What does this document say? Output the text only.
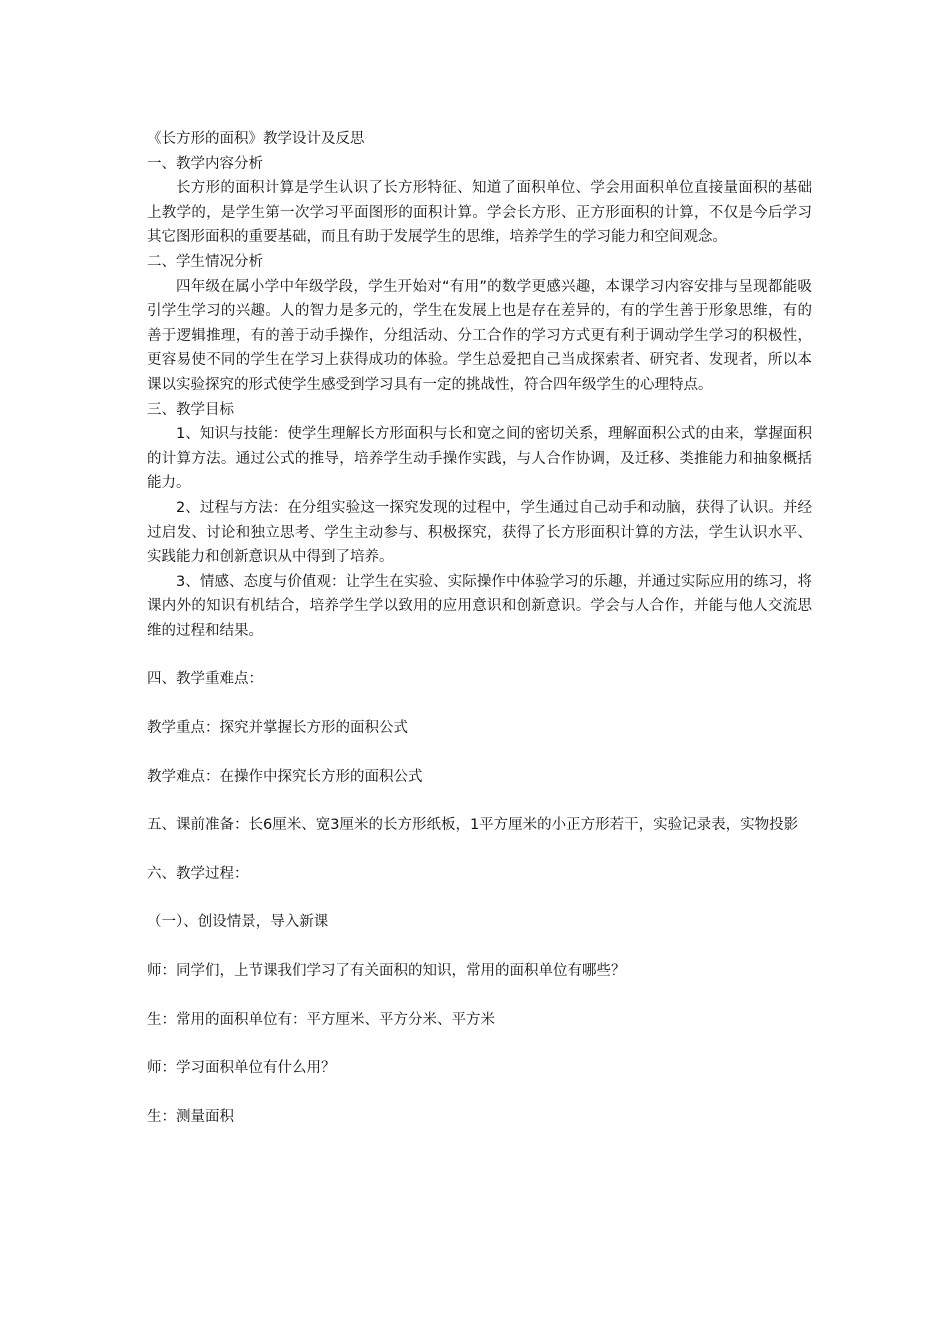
《长方形的面积》教学设计及反思

一、教学内容分析

长方形的面积计算是学生认识了长方形特征、知道了面积单位、学会用面积单位直接量面积的基础上教学的，是学生第一次学习平面图形的面积计算。学会长方形、正方形面积的计算，不仅是今后学习其它图形面积的重要基础，而且有助于发展学生的思维，培养学生的学习能力和空间观念。

二、学生情况分析

四年级在属小学中年级学段，学生开始对“有用”的数学更感兴趣，本课学习内容安排与呈现都能吸引学生学习的兴趣。人的智力是多元的，学生在发展上也是存在差异的，有的学生善于形象思维，有的善于逻辑推理，有的善于动手操作，分组活动、分工合作的学习方式更有利于调动学生学习的积极性，更容易使不同的学生在学习上获得成功的体验。学生总爱把自己当成探索者、研究者、发现者，所以本课以实验探究的形式使学生感受到学习具有一定的挑战性，符合四年级学生的心理特点。

三、教学目标

1、知识与技能：使学生理解长方形面积与长和宽之间的密切关系，理解面积公式的由来，掌握面积的计算方法。通过公式的推导，培养学生动手操作实践，与人合作协调，及迁移、类推能力和抽象概括能力。

2、过程与方法：在分组实验这一探究发现的过程中，学生通过自己动手和动脑，获得了认识。并经过启发、讨论和独立思考、学生主动参与、积极探究，获得了长方形面积计算的方法，学生认识水平、实践能力和创新意识从中得到了培养。

3、情感、态度与价值观：让学生在实验、实际操作中体验学习的乐趣，并通过实际应用的练习，将课内外的知识有机结合，培养学生学以致用的应用意识和创新意识。学会与人合作，并能与他人交流思维的过程和结果。

四、教学重难点：

教学重点：探究并掌握长方形的面积公式

教学难点：在操作中探究长方形的面积公式

五、课前准备：长6厘米、宽3厘米的长方形纸板，1平方厘米的小正方形若干，实验记录表，实物投影

六、教学过程：

（一）、创设情景，导入新课

师：同学们，上节课我们学习了有关面积的知识，常用的面积单位有哪些？

生：常用的面积单位有：平方厘米、平方分米、平方米

师：学习面积单位有什么用？

生：测量面积
